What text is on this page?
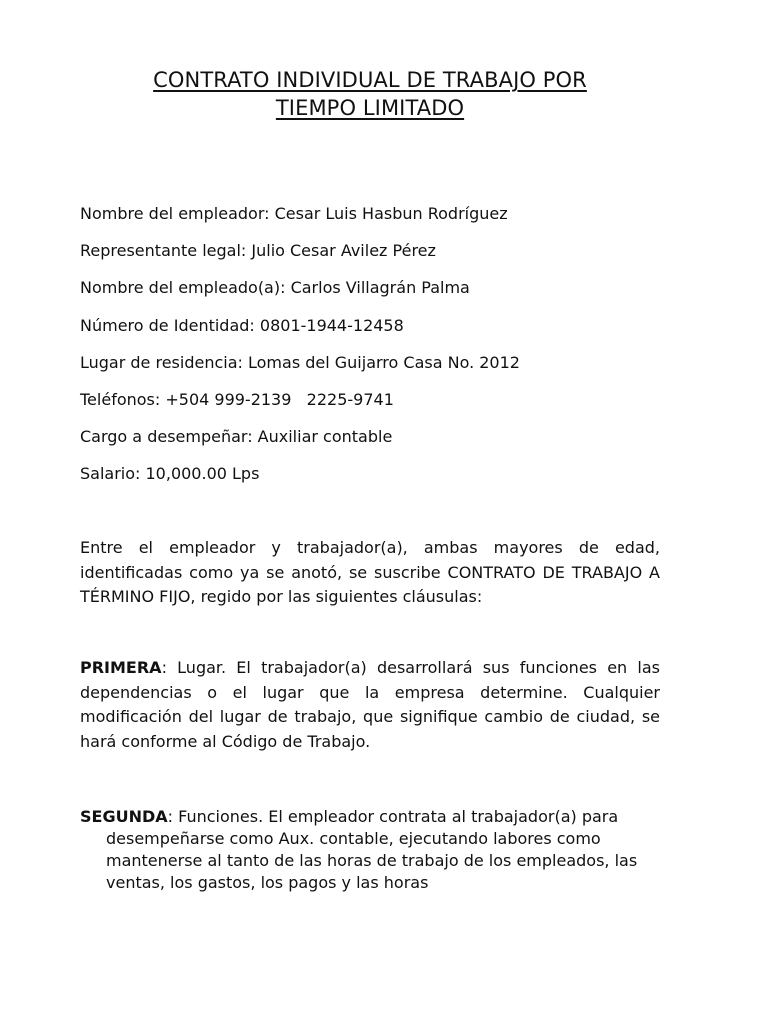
CONTRATO INDIVIDUAL DE TRABAJO POR
TIEMPO LIMITADO
Nombre del empleador: Cesar Luis Hasbun Rodríguez
Representante legal: Julio Cesar Avilez Pérez
Nombre del empleado(a): Carlos Villagrán Palma
Número de Identidad: 0801-1944-12458
Lugar de residencia: Lomas del Guijarro Casa No. 2012
Teléfonos: +504 999-2139   2225-9741
Cargo a desempeñar: Auxiliar contable
Salario: 10,000.00 Lps

Entre el empleador y trabajador(a), ambas mayores de edad, identificadas como ya se anotó, se suscribe CONTRATO DE TRABAJO A TÉRMINO FIJO, regido por las siguientes cláusulas:

PRIMERA: Lugar. El trabajador(a) desarrollará sus funciones en las dependencias o el lugar que la empresa determine. Cualquier modificación del lugar de trabajo, que signifique cambio de ciudad, se hará conforme al Código de Trabajo.

SEGUNDA: Funciones. El empleador contrata al trabajador(a) para desempeñarse como Aux. contable, ejecutando labores como mantenerse al tanto de las horas de trabajo de los empleados, las ventas, los gastos, los pagos y las horas
